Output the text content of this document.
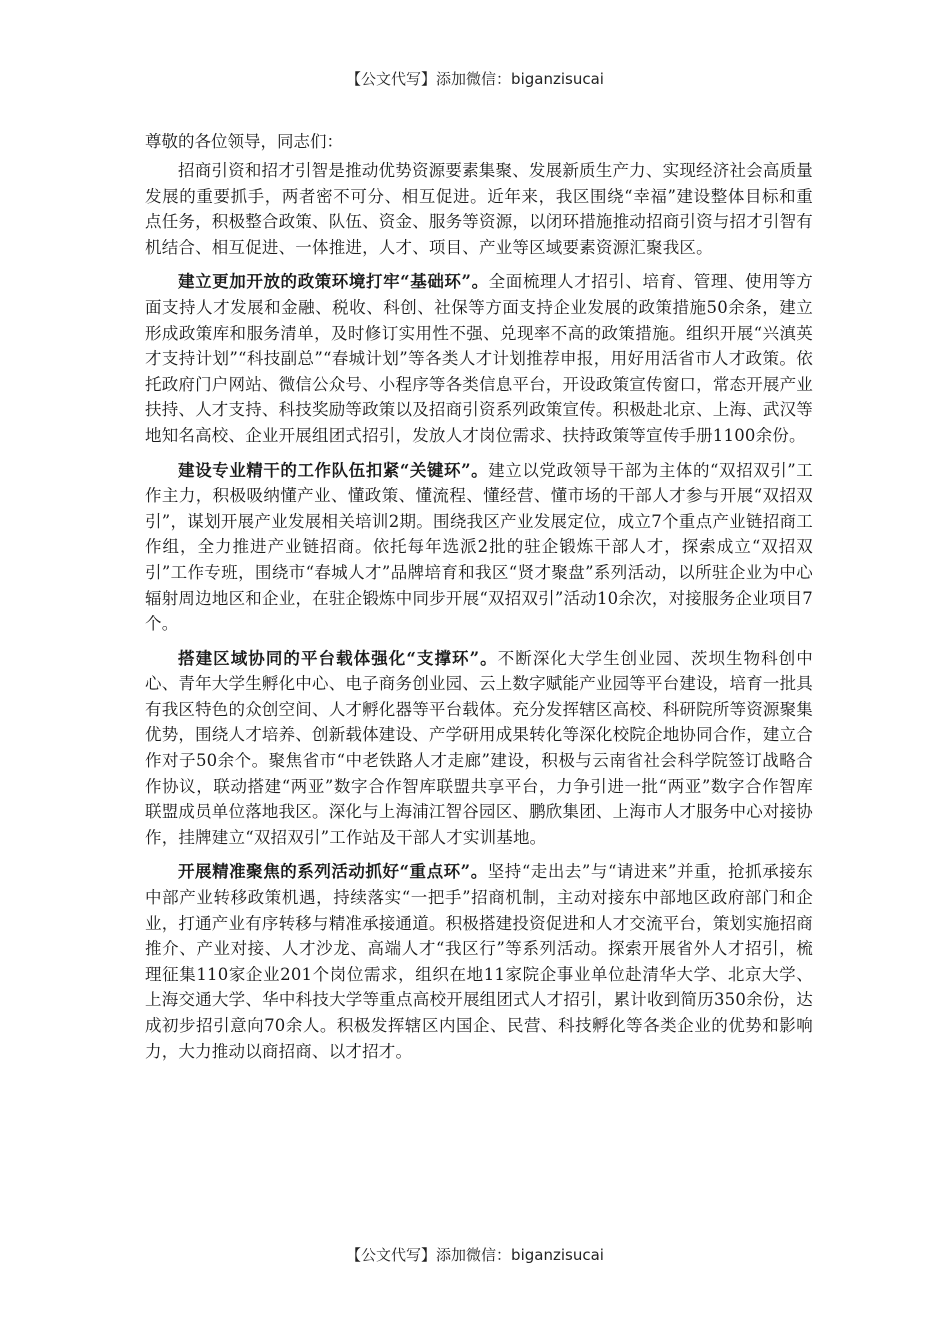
【公文代写】添加微信：biganzisucai
尊敬的各位领导，同志们：

招商引资和招才引智是推动优势资源要素集聚、发展新质生产力、实现经济社会高质量发展的重要抓手，两者密不可分、相互促进。近年来，我区围绕“幸福”建设整体目标和重点任务，积极整合政策、队伍、资金、服务等资源，以闭环措施推动招商引资与招才引智有机结合、相互促进、一体推进，人才、项目、产业等区域要素资源汇聚我区。

建立更加开放的政策环境打牢“基础环”。全面梳理人才招引、培育、管理、使用等方面支持人才发展和金融、税收、科创、社保等方面支持企业发展的政策措施50余条，建立形成政策库和服务清单，及时修订实用性不强、兑现率不高的政策措施。组织开展“兴滇英才支持计划”“科技副总”“春城计划”等各类人才计划推荐申报，用好用活省市人才政策。依托政府门户网站、微信公众号、小程序等各类信息平台，开设政策宣传窗口，常态开展产业扶持、人才支持、科技奖励等政策以及招商引资系列政策宣传。积极赴北京、上海、武汉等地知名高校、企业开展组团式招引，发放人才岗位需求、扶持政策等宣传手册1100余份。

建设专业精干的工作队伍扣紧“关键环”。建立以党政领导干部为主体的“双招双引”工作主力，积极吸纳懂产业、懂政策、懂流程、懂经营、懂市场的干部人才参与开展“双招双引”，谋划开展产业发展相关培训2期。围绕我区产业发展定位，成立7个重点产业链招商工作组，全力推进产业链招商。依托每年选派2批的驻企锻炼干部人才，探索成立“双招双引”工作专班，围绕市“春城人才”品牌培育和我区“贤才聚盘”系列活动，以所驻企业为中心辐射周边地区和企业，在驻企锻炼中同步开展“双招双引”活动10余次，对接服务企业项目7个。

搭建区域协同的平台载体强化“支撑环”。不断深化大学生创业园、茨坝生物科创中心、青年大学生孵化中心、电子商务创业园、云上数字赋能产业园等平台建设，培育一批具有我区特色的众创空间、人才孵化器等平台载体。充分发挥辖区高校、科研院所等资源聚集优势，围绕人才培养、创新载体建设、产学研用成果转化等深化校院企地协同合作，建立合作对子50余个。聚焦省市“中老铁路人才走廊”建设，积极与云南省社会科学院签订战略合作协议，联动搭建“两亚”数字合作智库联盟共享平台，力争引进一批“两亚”数字合作智库联盟成员单位落地我区。深化与上海浦江智谷园区、鹏欣集团、上海市人才服务中心对接协作，挂牌建立“双招双引”工作站及干部人才实训基地。

开展精准聚焦的系列活动抓好“重点环”。坚持“走出去”与“请进来”并重，抢抓承接东中部产业转移政策机遇，持续落实“一把手”招商机制，主动对接东中部地区政府部门和企业，打通产业有序转移与精准承接通道。积极搭建投资促进和人才交流平台，策划实施招商推介、产业对接、人才沙龙、高端人才“我区行”等系列活动。探索开展省外人才招引，梳理征集110家企业201个岗位需求，组织在地11家院企事业单位赴清华大学、北京大学、上海交通大学、华中科技大学等重点高校开展组团式人才招引，累计收到简历350余份，达成初步招引意向70余人。积极发挥辖区内国企、民营、科技孵化等各类企业的优势和影响力，大力推动以商招商、以才招才。

【公文代写】添加微信：biganzisucai
